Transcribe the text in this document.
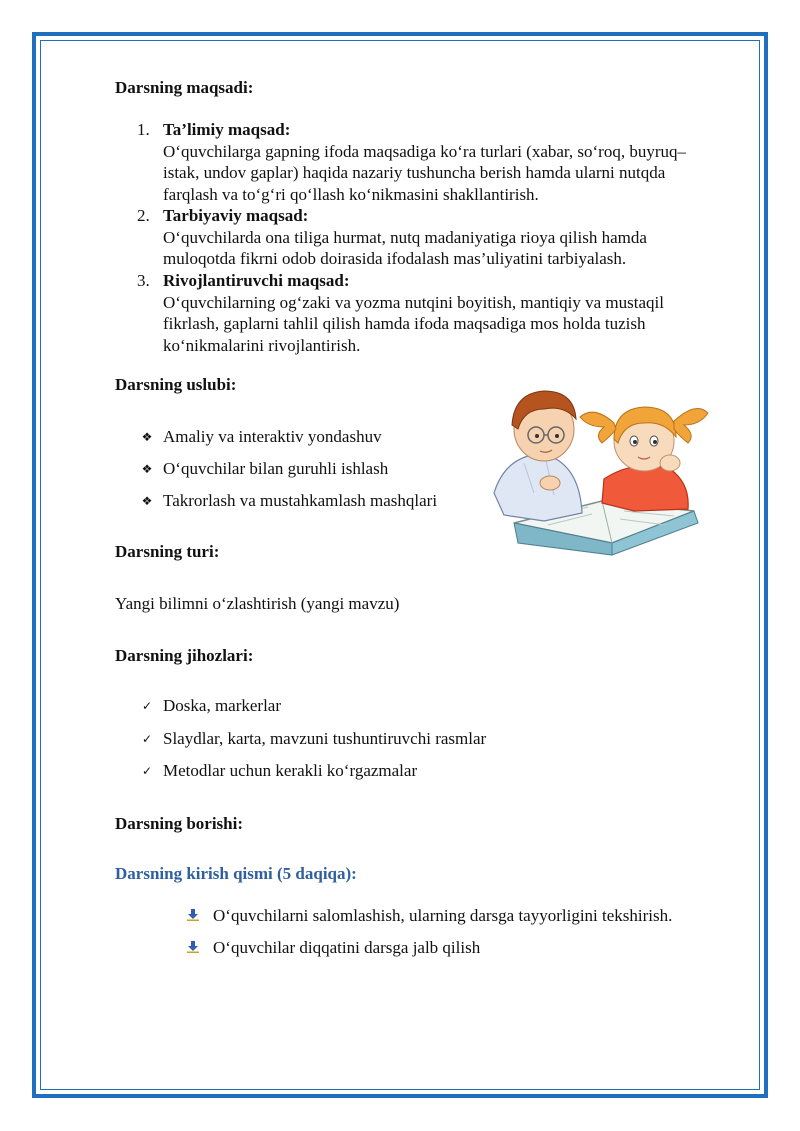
Darsning maqsadi:
1. Ta’limiy maqsad:
O‘quvchilarga gapning ifoda maqsadiga ko‘ra turlari (xabar, so‘roq, buyruq–
istak, undov gaplar) haqida nazariy tushuncha berish hamda ularni nutqda
farqlash va to‘g‘ri qo‘llash ko‘nikmasini shakllantirish.
2. Tarbiyaviy maqsad:
O‘quvchilarda ona tiliga hurmat, nutq madaniyatiga rioya qilish hamda
muloqotda fikrni odob doirasida ifodalash mas’uliyatini tarbiyalash.
3. Rivojlantiruvchi maqsad:
O‘quvchilarning og‘zaki va yozma nutqini boyitish, mantiqiy va mustaqil
fikrlash, gaplarni tahlil qilish hamda ifoda maqsadiga mos holda tuzish
ko‘nikmalarini rivojlantirish.
Darsning uslubi:
❖ Amaliy va interaktiv yondashuv
❖ O‘quvchilar bilan guruhli ishlash
❖ Takrorlash va mustahkamlash mashqlari
Darsning turi:
Yangi bilimni o‘zlashtirish (yangi mavzu)
Darsning jihozlari:
✓ Doska, markerlar
✓ Slaydlar, karta, mavzuni tushuntiruvchi rasmlar
✓ Metodlar uchun kerakli ko‘rgazmalar
Darsning borishi:
Darsning kirish qismi (5 daqiqa):
O‘quvchilarni salomlashish, ularning darsga tayyorligini tekshirish.
O‘quvchilar diqqatini darsga jalb qilish
